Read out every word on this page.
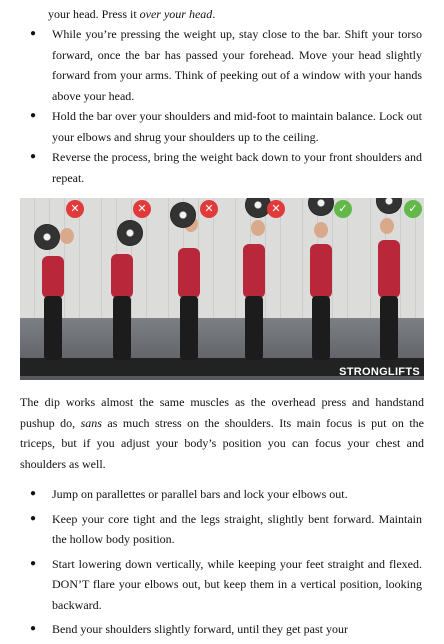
your head. Press it over your head.
● While you’re pressing the weight up, stay close to the bar. Shift your torso forward, once the bar has passed your forehead. Move your head slightly forward from your arms. Think of peeking out of a window with your hands above your head.
● Hold the bar over your shoulders and mid-foot to maintain balance. Lock out your elbows and shrug your shoulders up to the ceiling.
● Reverse the process, bring the weight back down to your front shoulders and repeat.
✕	✕	✕	✕	✓	✓
STRONGLIFTS

The dip works almost the same muscles as the overhead press and handstand pushup do, sans as much stress on the shoulders. Its main focus is put on the triceps, but if you adjust your body’s position you can focus your chest and shoulders as well.

● Jump on parallettes or parallel bars and lock your elbows out.
● Keep your core tight and the legs straight, slightly bent forward. Maintain the hollow body position.
● Start lowering down vertically, while keeping your feet straight and flexed. DON’T flare your elbows out, but keep them in a vertical position, looking backward.
● Bend your shoulders slightly forward, until they get past your
